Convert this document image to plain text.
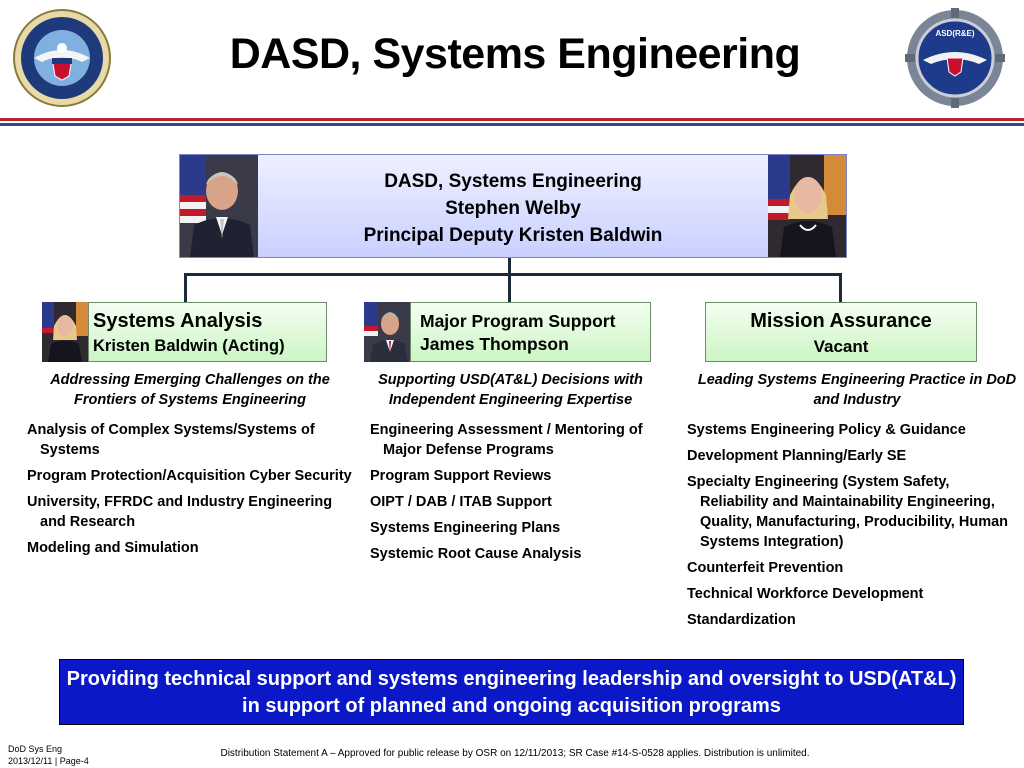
DASD, Systems Engineering	ASD(R&E)
DASD, Systems Engineering
Stephen Welby
Principal Deputy Kristen Baldwin
Systems Analysis
Kristen Baldwin (Acting)
Addressing Emerging Challenges on the Frontiers of Systems Engineering
Analysis of Complex Systems/Systems of Systems
Program Protection/Acquisition Cyber Security
University, FFRDC and Industry Engineering and Research
Modeling and Simulation
Major Program Support
James Thompson
Supporting USD(AT&L) Decisions with Independent Engineering Expertise
Engineering Assessment / Mentoring of Major Defense Programs
Program Support Reviews
OIPT / DAB / ITAB Support
Systems Engineering Plans
Systemic Root Cause Analysis
Mission Assurance
Vacant
Leading Systems Engineering Practice in DoD and Industry
Systems Engineering Policy & Guidance
Development Planning/Early SE
Specialty Engineering (System Safety, Reliability and Maintainability Engineering, Quality, Manufacturing, Producibility, Human Systems Integration)
Counterfeit Prevention
Technical Workforce Development
Standardization
Providing technical support and systems engineering leadership and oversight to USD(AT&L) in support of planned and ongoing acquisition programs
DoD Sys Eng
2013/12/11 | Page-4
Distribution Statement A – Approved for public release by OSR on 12/11/2013; SR Case #14-S-0528 applies. Distribution is unlimited.
